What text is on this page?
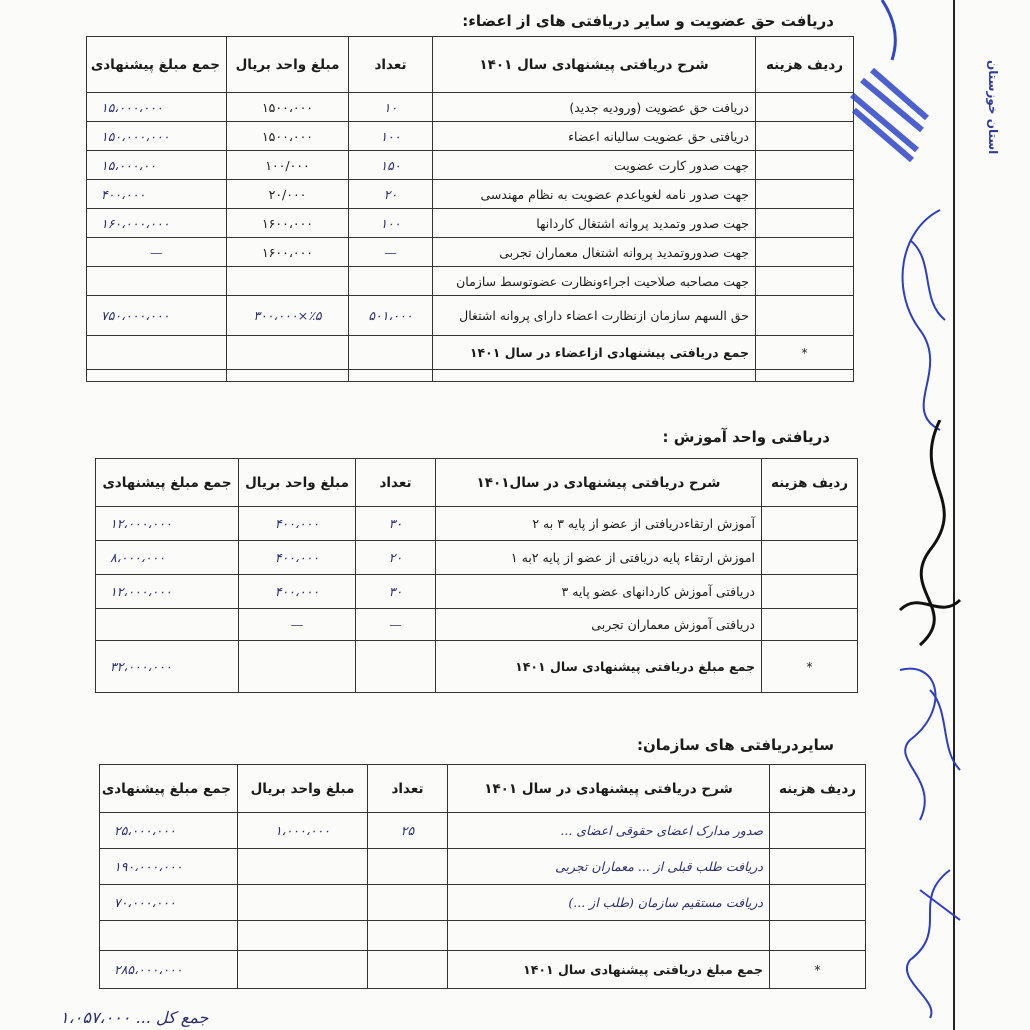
دریافت حق عضویت و سایر دریافتی های از اعضاء:
ردیف هزینه	شرح دریافتی پیشنهادی سال ۱۴۰۱	تعداد	مبلغ واحد بریال	جمع مبلغ پیشنهادی
	دریافت حق عضویت (ورودیه جدید)	۱۰	۱۵۰۰،۰۰۰	۱۵،۰۰۰،۰۰۰
	دریافتی حق عضویت سالیانه اعضاء	۱۰۰	۱۵۰۰،۰۰۰	۱۵۰،۰۰۰،۰۰۰
	جهت صدور کارت عضویت	۱۵۰	۱۰۰/۰۰۰	۱۵،۰۰۰،۰۰
	جهت صدور نامه لغویاعدم عضویت به نظام مهندسی	۲۰	۲۰/۰۰۰	۴۰۰،۰۰۰
	جهت صدور وتمدید پروانه اشتغال کاردانها	۱۰۰	۱۶۰۰،۰۰۰	۱۶۰،۰۰۰،۰۰۰
	جهت صدوروتمدید پروانه اشتغال معماران تجربی	—	۱۶۰۰،۰۰۰	—
	جهت مصاحبه صلاحیت اجراءونظارت عضوتوسط سازمان			
	حق السهم سازمان ازنظارت اعضاء دارای پروانه اشتغال	۵۰۱،۰۰۰	٪۵×۳۰۰،۰۰۰	۷۵۰،۰۰۰،۰۰۰
*	جمع دریافتی پیشنهادی ازاعضاء در سال ۱۴۰۱			

دریافتی واحد آموزش :
ردیف هزینه	شرح دریافتی پیشنهادی در سال۱۴۰۱	تعداد	مبلغ واحد بریال	جمع مبلغ پیشنهادی
	آموزش ارتقاءدریافتی از عضو از پایه ۳ به ۲	۳۰	۴۰۰،۰۰۰	۱۲،۰۰۰،۰۰۰
	اموزش ارتقاء پایه دریافتی از عضو از پایه ۲به ۱	۲۰	۴۰۰،۰۰۰	۸،۰۰۰،۰۰۰
	دریافتی آموزش کاردانهای عضو پایه ۳	۳۰	۴۰۰،۰۰۰	۱۲،۰۰۰،۰۰۰
	دریافتی آموزش معماران تجربی	—	—	
*	جمع مبلغ دریافتی پیشنهادی سال ۱۴۰۱			۳۲،۰۰۰،۰۰۰
سایردریافتی های سازمان:
ردیف هزینه	شرح دریافتی پیشنهادی در سال ۱۴۰۱	تعداد	مبلغ واحد بریال	جمع مبلغ پیشنهادی
	صدور مدارک اعضای حقوقی اعضای ...	۲۵	۱،۰۰۰،۰۰۰	۲۵،۰۰۰،۰۰۰
	دریافت طلب قبلی از ... معماران تجربی			۱۹۰،۰۰۰،۰۰۰
	دریافت مستقیم سازمان (طلب از ...)			۷۰،۰۰۰،۰۰۰

*	جمع مبلغ دریافتی پیشنهادی سال ۱۴۰۱			۲۸۵،۰۰۰،۰۰۰
استان خوزستان
جمع کل ... ۱،۰۵۷،۰۰۰
